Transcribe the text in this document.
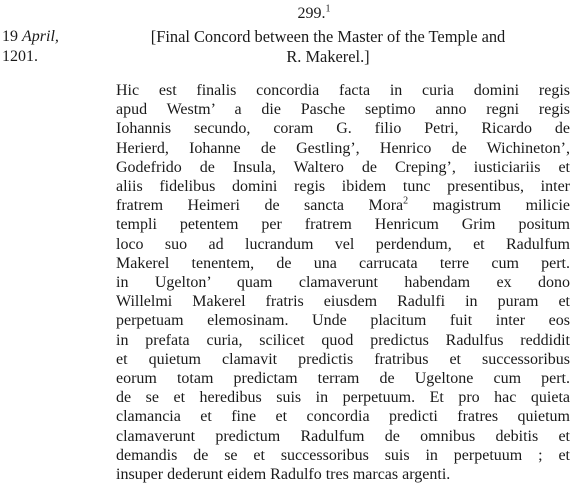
299.$^1$
19 April,
1201.
[Final Concord between the Master of the Temple and
R. Makerel.]
Hic est finalis concordia facta in curia domini regis
apud Westm’ a die Pasche septimo anno regni regis
Iohannis secundo, coram G. filio Petri, Ricardo de
Herierd, Iohanne de Gestling’, Henrico de Wichineton’,
Godefrido de Insula, Waltero de Creping’, iusticiariis et
aliis fidelibus domini regis ibidem tunc presentibus, inter
fratrem Heimeri de sancta Mora$^2$ magistrum milicie
templi petentem per fratrem Henricum Grim positum
loco suo ad lucrandum vel perdendum, et Radulfum
Makerel tenentem, de una carrucata terre cum pert.
in Ugelton’ quam clamaverunt habendam ex dono
Willelmi Makerel fratris eiusdem Radulfi in puram et
perpetuam elemosinam. Unde placitum fuit inter eos
in prefata curia, scilicet quod predictus Radulfus reddidit
et quietum clamavit predictis fratribus et successoribus
eorum totam predictam terram de Ugeltone cum pert.
de se et heredibus suis in perpetuum. Et pro hac quieta
clamancia et fine et concordia predicti fratres quietum
clamaverunt predictum Radulfum de omnibus debitis et
demandis de se et successoribus suis in perpetuum ; et
insuper dederunt eidem Radulfo tres marcas argenti.
